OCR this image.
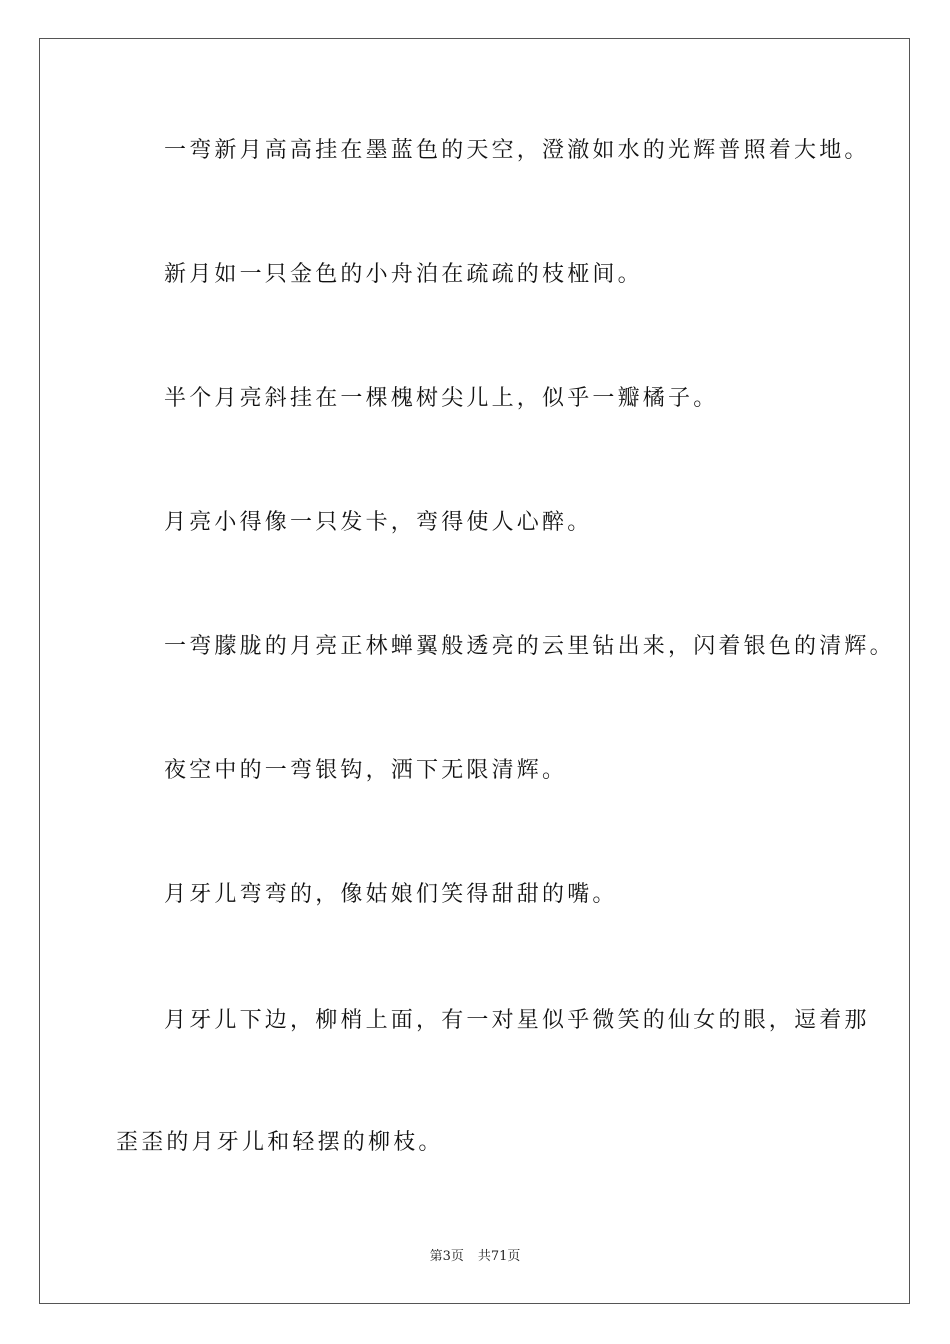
一弯新月高高挂在墨蓝色的天空，澄澈如水的光辉普照着大地。

新月如一只金色的小舟泊在疏疏的枝桠间。

半个月亮斜挂在一棵槐树尖儿上，似乎一瓣橘子。

月亮小得像一只发卡，弯得使人心醉。

一弯朦胧的月亮正林蝉翼般透亮的云里钻出来，闪着银色的清辉。

夜空中的一弯银钩，洒下无限清辉。

月牙儿弯弯的，像姑娘们笑得甜甜的嘴。

月牙儿下边，柳梢上面，有一对星似乎微笑的仙女的眼，逗着那

歪歪的月牙儿和轻摆的柳枝。

第3页 共71页
